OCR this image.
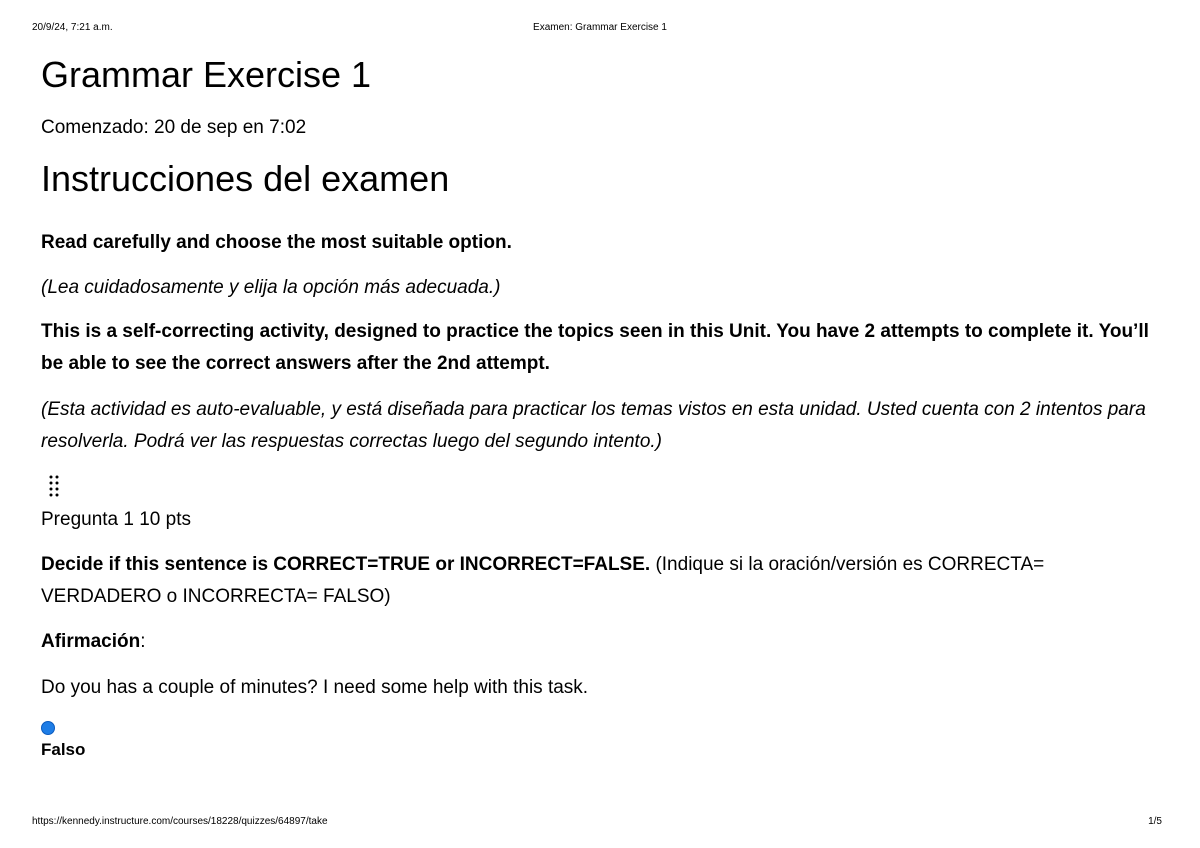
20/9/24, 7:21 a.m.	Examen: Grammar Exercise 1
Grammar Exercise 1
Comenzado: 20 de sep en 7:02
Instrucciones del examen

Read carefully and choose the most suitable option.

(Lea cuidadosamente y elija la opción más adecuada.)

This is a self-correcting activity, designed to practice the topics seen in this Unit. You have 2 attempts to complete it. You’ll be able to see the correct answers after the 2nd attempt.

(Esta actividad es auto-evaluable, y está diseñada para practicar los temas vistos en esta unidad. Usted cuenta con 2 intentos para resolverla. Podrá ver las respuestas correctas luego del segundo intento.)

Pregunta 1 10 pts

Decide if this sentence is CORRECT=TRUE or INCORRECT=FALSE. (Indique si la oración/versión es CORRECTA= VERDADERO o INCORRECTA= FALSO)

Afirmación:

Do you has a couple of minutes? I need some help with this task.

Falso
https://kennedy.instructure.com/courses/18228/quizzes/64897/take	1/5
